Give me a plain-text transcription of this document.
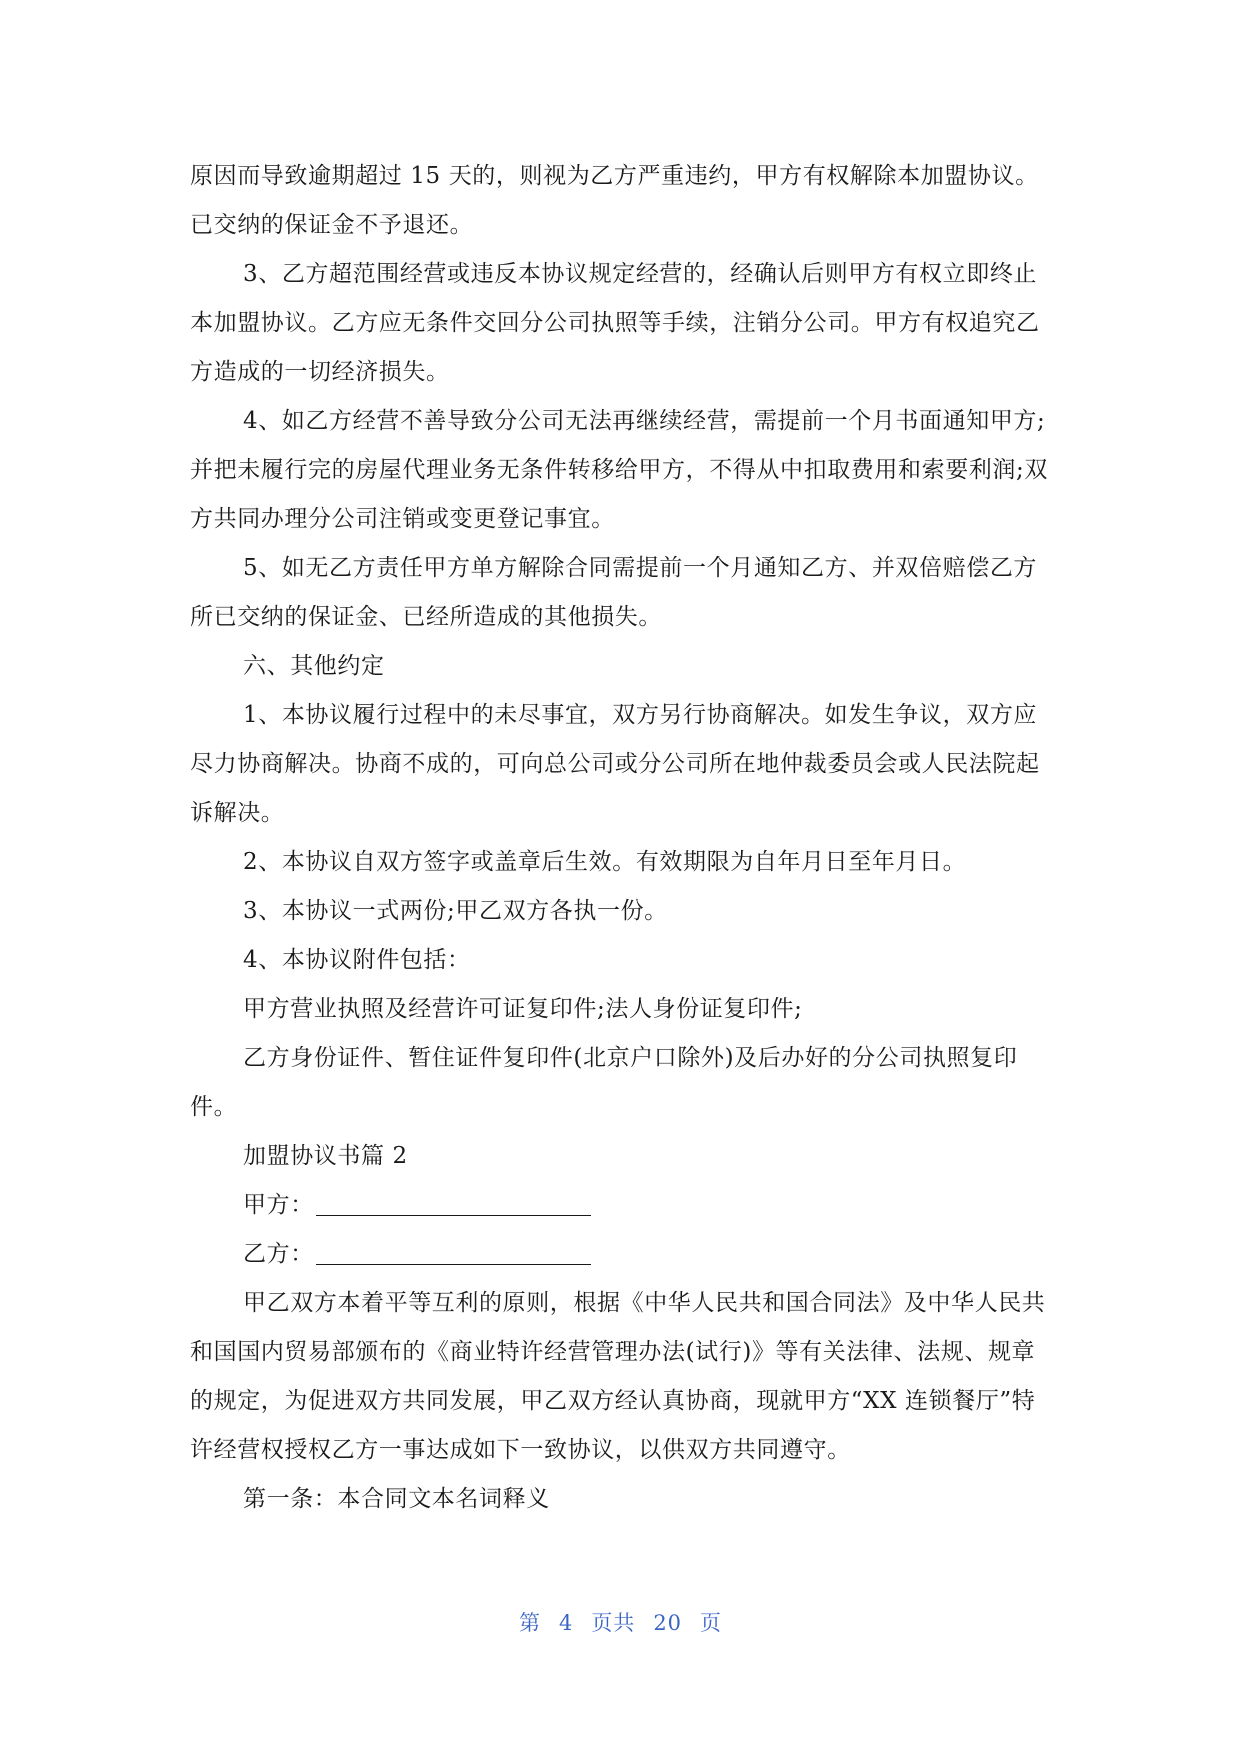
原因而导致逾期超过 15 天的，则视为乙方严重违约，甲方有权解除本加盟协议。已交纳的保证金不予退还。

3、乙方超范围经营或违反本协议规定经营的，经确认后则甲方有权立即终止本加盟协议。乙方应无条件交回分公司执照等手续，注销分公司。甲方有权追究乙方造成的一切经济损失。

4、如乙方经营不善导致分公司无法再继续经营，需提前一个月书面通知甲方;并把未履行完的房屋代理业务无条件转移给甲方，不得从中扣取费用和索要利润;双方共同办理分公司注销或变更登记事宜。

5、如无乙方责任甲方单方解除合同需提前一个月通知乙方、并双倍赔偿乙方所已交纳的保证金、已经所造成的其他损失。

六、其他约定

1、本协议履行过程中的未尽事宜，双方另行协商解决。如发生争议，双方应尽力协商解决。协商不成的，可向总公司或分公司所在地仲裁委员会或人民法院起诉解决。

2、本协议自双方签字或盖章后生效。有效期限为自年月日至年月日。

3、本协议一式两份;甲乙双方各执一份。

4、本协议附件包括：

甲方营业执照及经营许可证复印件;法人身份证复印件;

乙方身份证件、暂住证件复印件(北京户口除外)及后办好的分公司执照复印件。

加盟协议书篇 2

甲方：

乙方：

甲乙双方本着平等互利的原则，根据《中华人民共和国合同法》及中华人民共和国国内贸易部颁布的《商业特许经营管理办法(试行)》等有关法律、法规、规章的规定，为促进双方共同发展，甲乙双方经认真协商，现就甲方“XX 连锁餐厅”特许经营权授权乙方一事达成如下一致协议，以供双方共同遵守。

第一条：本合同文本名词释义

第 4 页共 20 页
